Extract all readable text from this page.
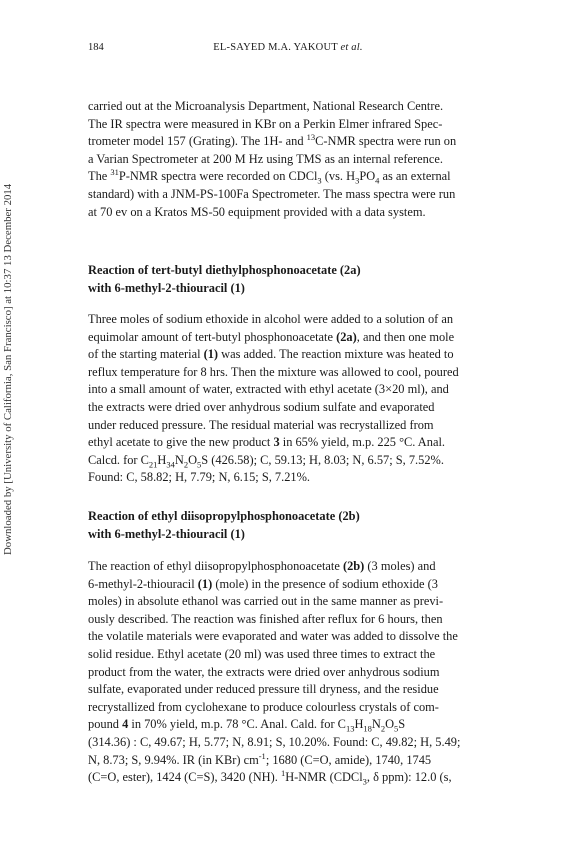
184	EL-SAYED M.A. YAKOUT et al.
Downloaded by [University of California, San Francisco] at 10:37 13 December 2014
carried out at the Microanalysis Department, National Research Centre.
The IR spectra were measured in KBr on a Perkin Elmer infrared Spec-
trometer model 157 (Grating). The 1H- and $^{13}$C-NMR spectra were run on
a Varian Spectrometer at 200 M Hz using TMS as an internal reference.
The $^{31}$P-NMR spectra were recorded on CDCl$_3$ (vs. $H_3PO_4$ as an external
standard) with a JNM-PS-100Fa Spectrometer. The mass spectra were run
at 70 ev on a Kratos MS-50 equipment provided with a data system.
Reaction of tert-butyl diethylphosphonoacetate (2a)
with 6-methyl-2-thiouracil (1)
Three moles of sodium ethoxide in alcohol were added to a solution of an
equimolar amount of tert-butyl phosphonoacetate (2a), and then one mole
of the starting material (1) was added. The reaction mixture was heated to
reflux temperature for 8 hrs. Then the mixture was allowed to cool, poured
into a small amount of water, extracted with ethyl acetate (3×20 ml), and
the extracts were dried over anhydrous sodium sulfate and evaporated
under reduced pressure. The residual material was recrystallized from
ethyl acetate to give the new product 3 in 65% yield, m.p. 225 °C. Anal.
Calcd. for $C_{21}H_{34}N_2O_5S$ (426.58); C, 59.13; H, 8.03; N, 6.57; S, 7.52%.
Found: C, 58.82; H, 7.79; N, 6.15; S, 7.21%.
Reaction of ethyl diisopropylphosphonoacetate (2b)
with 6-methyl-2-thiouracil (1)
The reaction of ethyl diisopropylphosphonoacetate (2b) (3 moles) and
6-methyl-2-thiouracil (1) (mole) in the presence of sodium ethoxide (3
moles) in absolute ethanol was carried out in the same manner as previ-
ously described. The reaction was finished after reflux for 6 hours, then
the volatile materials were evaporated and water was added to dissolve the
solid residue. Ethyl acetate (20 ml) was used three times to extract the
product from the water, the extracts were dried over anhydrous sodium
sulfate, evaporated under reduced pressure till dryness, and the residue
recrystallized from cyclohexane to produce colourless crystals of com-
pound 4 in 70% yield, m.p. 78 °C. Anal. Cald. for $C_{13}H_{18}N_2O_5S$
(314.36) : C, 49.67; H, 5.77; N, 8.91; S, 10.20%. Found: C, 49.82; H, 5.49;
N, 8.73; S, 9.94%. IR (in KBr) $cm^{-1}$; 1680 (C=O, amide), 1740, 1745
(C=O, ester), 1424 (C=S), 3420 (NH). $^1$H-NMR (CDCl$_3$, δ ppm): 12.0 (s,
